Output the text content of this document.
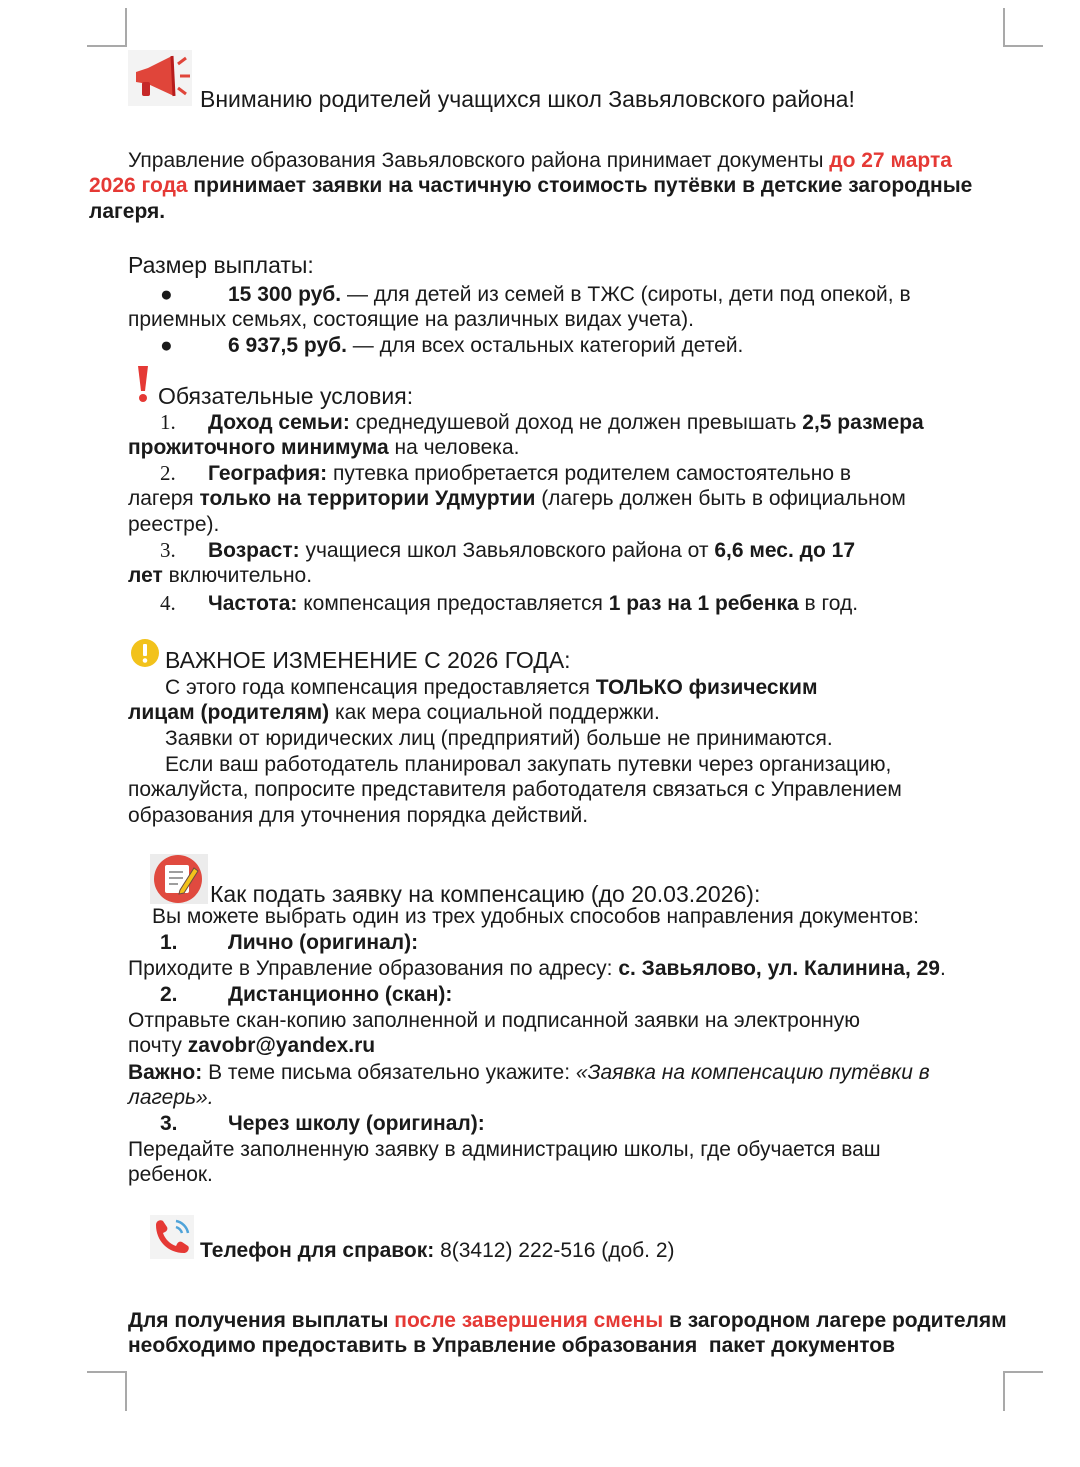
Вниманию родителей учащихся школ Завьяловского района!

Управление образования Завьяловского района принимает документы до 27 марта

2026 года принимает заявки на частичную стоимость путёвки в детские загородные

лагеря.

Размер выплаты:

●	15 300 руб. — для детей из семей в ТЖС (сироты, дети под опекой, в

приемных семьях, состоящие на различных видах учета).

●	6 937,5 руб. — для всех остальных категорий детей.

Обязательные условия:

1. Доход семьи: среднедушевой доход не должен превышать 2,5 размера

прожиточного минимума на человека.

2. География: путевка приобретается родителем самостоятельно в

лагеря только на территории Удмуртии (лагерь должен быть в официальном

реестре).

3. Возраст: учащиеся школ Завьяловского района от 6,6 мес. до 17

лет включительно.

4. Частота: компенсация предоставляется 1 раз на 1 ребенка в год.

ВАЖНОЕ ИЗМЕНЕНИЕ С 2026 ГОДА:

С этого года компенсация предоставляется ТОЛЬКО физическим

лицам (родителям) как мера социальной поддержки.

Заявки от юридических лиц (предприятий) больше не принимаются.

Если ваш работодатель планировал закупать путевки через организацию,

пожалуйста, попросите представителя работодателя связаться с Управлением

образования для уточнения порядка действий.

Как подать заявку на компенсацию (до 20.03.2026):

Вы можете выбрать один из трех удобных способов направления документов:

1. Лично (оригинал):

Приходите в Управление образования по адресу: с. Завьялово, ул. Калинина, 29.

2. Дистанционно (скан):

Отправьте скан-копию заполненной и подписанной заявки на электронную

почту zavobr@yandex.ru

Важно: В теме письма обязательно укажите: «Заявка на компенсацию путёвки в

лагерь».

3. Через школу (оригинал):

Передайте заполненную заявку в администрацию школы, где обучается ваш

ребенок.

Телефон для справок: 8(3412) 222-516 (доб. 2)

Для получения выплаты после завершения смены в загородном лагере родителям

необходимо предоставить в Управление образования  пакет документов
